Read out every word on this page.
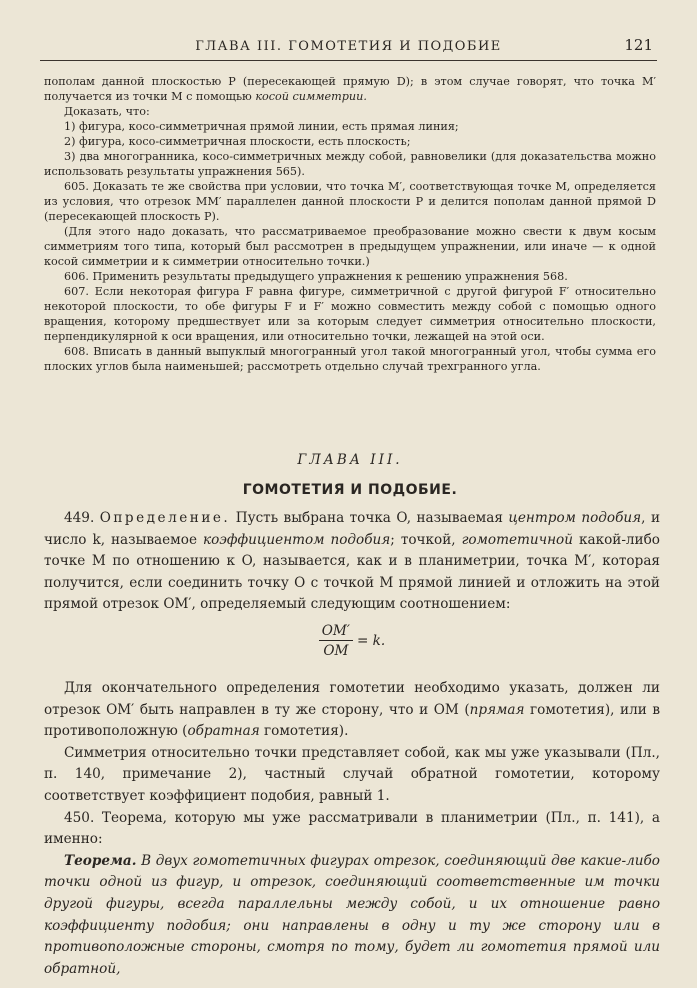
ГЛАВА III. ГОМОТЕТИЯ И ПОДОБИЕ	121

пополам данной плоскостью P (пересекающей прямую D); в этом случае говорят, что точка M′ получается из точки M с помощью косой симметрии.

Доказать, что:

1) фигура, косо-симметричная прямой линии, есть прямая линия;

2) фигура, косо-симметричная плоскости, есть плоскость;

3) два многогранника, косо-симметричных между собой, равновелики (для доказательства можно использовать результаты упражнения 565).

605. Доказать те же свойства при условии, что точка M′, соответствующая точке M, определяется из условия, что отрезок MM′ параллелен данной плоскости P и делится пополам данной прямой D (пересекающей плоскость P).

(Для этого надо доказать, что рассматриваемое преобразование можно свести к двум косым симметриям того типа, который был рассмотрен в предыдущем упражнении, или иначе — к одной косой симметрии и к симметрии относительно точки.)

606. Применить результаты предыдущего упражнения к решению упражнения 568.

607. Если некоторая фигура F равна фигуре, симметричной с другой фигурой F′ относительно некоторой плоскости, то обе фигуры F и F′ можно совместить между собой с помощью одного вращения, которому предшествует или за которым следует симметрия относительно плоскости, перпендикулярной к оси вращения, или относительно точки, лежащей на этой оси.

608. Вписать в данный выпуклый многогранный угол такой многогранный угол, чтобы сумма его плоских углов была наименьшей; рассмотреть отдельно случай трехгранного угла.

ГЛАВА III.
ГОМОТЕТИЯ И ПОДОБИЕ.

449. Определение. Пусть выбрана точка O, называемая центром подобия, и число k, называемое коэффициентом подобия; точкой, гомотетичной какой-либо точке M по отношению к O, называется, как и в планиметрии, точка M′, которая получится, если соединить точку O с точкой M прямой линией и отложить на этой прямой отрезок OM′, определяемый следующим соотношением:

$\frac{OM'}{OM} = k$.

Для окончательного определения гомотетии необходимо указать, должен ли отрезок OM′ быть направлен в ту же сторону, что и OM (прямая гомотетия), или в противоположную (обратная гомотетия).

Симметрия относительно точки представляет собой, как мы уже указывали (Пл., п. 140, примечание 2), частный случай обратной гомотетии, которому соответствует коэффициент подобия, равный 1.

450. Теорема, которую мы уже рассматривали в планиметрии (Пл., п. 141), а именно:

Теорема. В двух гомотетичных фигурах отрезок, соединяющий две какие-либо точки одной из фигур, и отрезок, соединяющий соответственные им точки другой фигуры, всегда параллельны между собой, и их отношение равно коэффициенту подобия; они направлены в одну и ту же сторону или в противоположные стороны, смотря по тому, будет ли гомотетия прямой или обратной,
